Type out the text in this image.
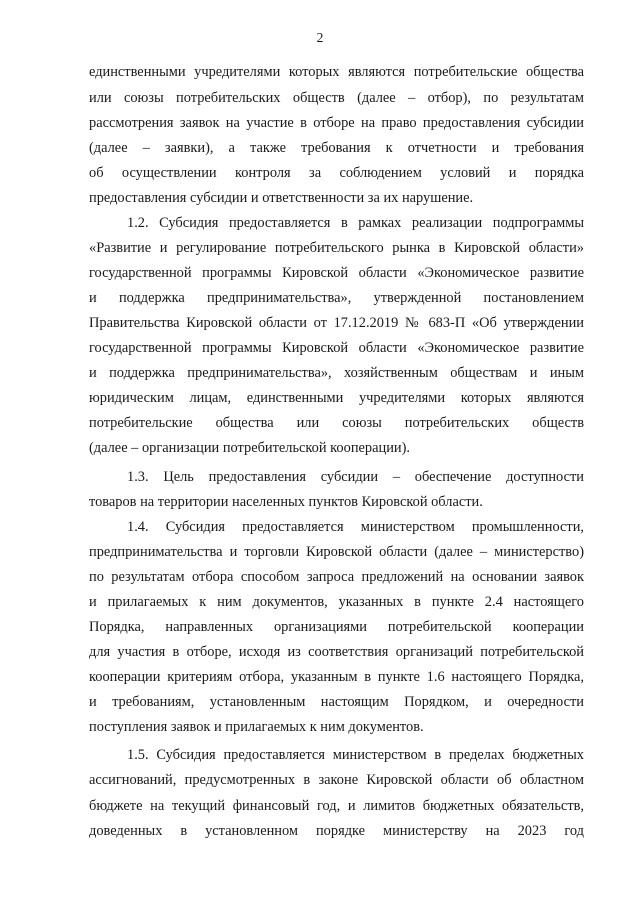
2
единственными учредителями которых являются потребительские общества
или союзы потребительских обществ (далее – отбор), по результатам
рассмотрения заявок на участие в отборе на право предоставления субсидии
(далее – заявки), а также требования к отчетности и требования
об осуществлении контроля за соблюдением условий и порядка
предоставления субсидии и ответственности за их нарушение.
1.2. Субсидия предоставляется в рамках реализации подпрограммы
«Развитие и регулирование потребительского рынка в Кировской области»
государственной программы Кировской области «Экономическое развитие
и поддержка предпринимательства», утвержденной постановлением
Правительства Кировской области от 17.12.2019 № 683-П «Об утверждении
государственной программы Кировской области «Экономическое развитие
и поддержка предпринимательства», хозяйственным обществам и иным
юридическим лицам, единственными учредителями которых являются
потребительские общества или союзы потребительских обществ
(далее – организации потребительской кооперации).
1.3. Цель предоставления субсидии – обеспечение доступности
товаров на территории населенных пунктов Кировской области.
1.4. Субсидия предоставляется министерством промышленности,
предпринимательства и торговли Кировской области (далее – министерство)
по результатам отбора способом запроса предложений на основании заявок
и прилагаемых к ним документов, указанных в пункте 2.4 настоящего
Порядка, направленных организациями потребительской кооперации
для участия в отборе, исходя из соответствия организаций потребительской
кооперации критериям отбора, указанным в пункте 1.6 настоящего Порядка,
и требованиям, установленным настоящим Порядком, и очередности
поступления заявок и прилагаемых к ним документов.
1.5. Субсидия предоставляется министерством в пределах бюджетных
ассигнований, предусмотренных в законе Кировской области об областном
бюджете на текущий финансовый год, и лимитов бюджетных обязательств,
доведенных в установленном порядке министерству на 2023 год
